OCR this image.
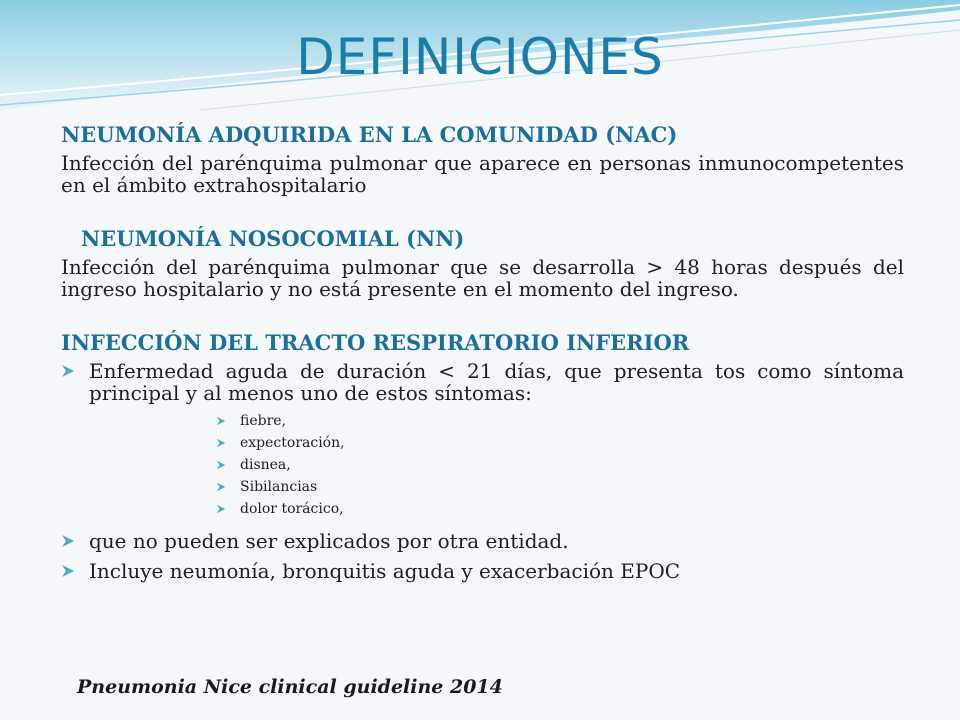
DEFINICIONES

NEUMONÍA ADQUIRIDA EN LA COMUNIDAD (NAC)

Infección del parénquima pulmonar que aparece en personas inmunocompetentes en el ámbito extrahospitalario

NEUMONÍA NOSOCOMIAL (NN)

Infección del parénquima pulmonar que se desarrolla > 48 horas después del ingreso hospitalario y no está presente en el momento del ingreso.

INFECCIÓN DEL TRACTO RESPIRATORIO INFERIOR

Enfermedad aguda de duración < 21 días, que presenta tos como síntoma principal y al menos uno de estos síntomas:
fiebre,
expectoración,
disnea,
Sibilancias
dolor torácico,
que no pueden ser explicados por otra entidad.
Incluye neumonía, bronquitis aguda y exacerbación EPOC
Pneumonia Nice clinical guideline 2014
